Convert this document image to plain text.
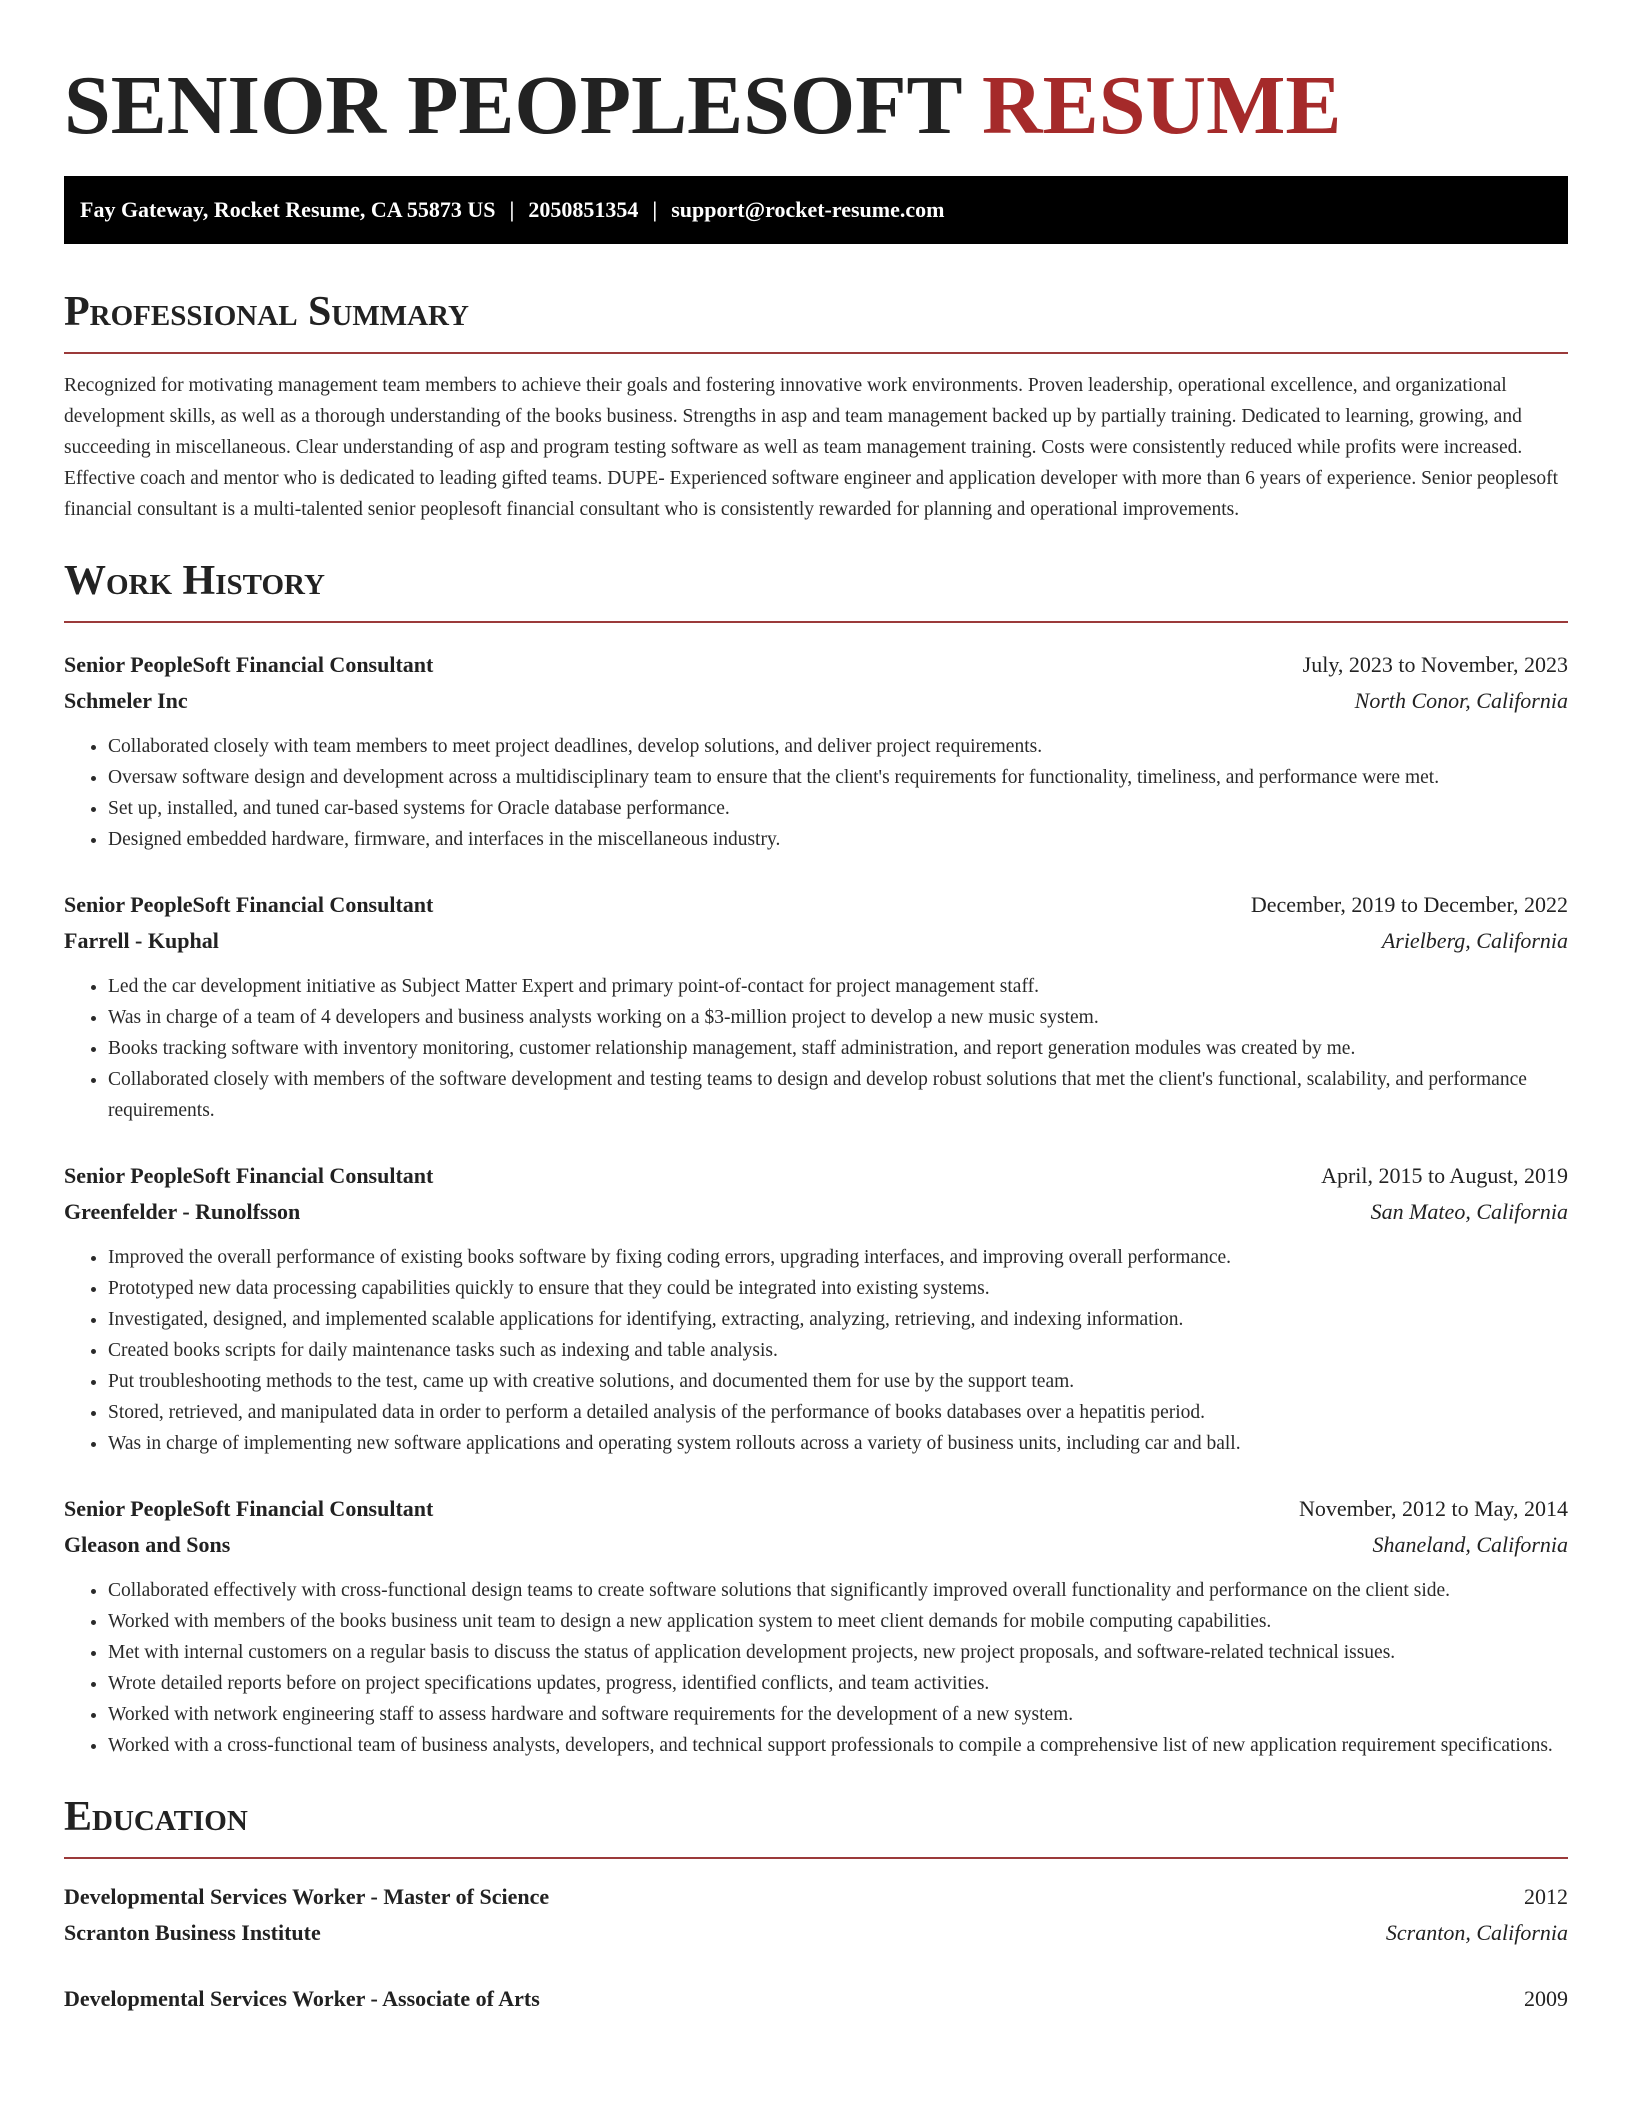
SENIOR PEOPLESOFT RESUME
Fay Gateway, Rocket Resume, CA 55873 US | 2050851354 | support@rocket-resume.com
Professional Summary

Recognized for motivating management team members to achieve their goals and fostering innovative work environments. Proven leadership, operational excellence, and organizational development skills, as well as a thorough understanding of the books business. Strengths in asp and team management backed up by partially training. Dedicated to learning, growing, and succeeding in miscellaneous. Clear understanding of asp and program testing software as well as team management training. Costs were consistently reduced while profits were increased. Effective coach and mentor who is dedicated to leading gifted teams. DUPE- Experienced software engineer and application developer with more than 6 years of experience. Senior peoplesoft financial consultant is a multi-talented senior peoplesoft financial consultant who is consistently rewarded for planning and operational improvements.

Work History
Senior PeopleSoft Financial Consultant	July, 2023 to November, 2023
Schmeler Inc	North Conor, California
• Collaborated closely with team members to meet project deadlines, develop solutions, and deliver project requirements.
• Oversaw software design and development across a multidisciplinary team to ensure that the client's requirements for functionality, timeliness, and performance were met.
• Set up, installed, and tuned car-based systems for Oracle database performance.
• Designed embedded hardware, firmware, and interfaces in the miscellaneous industry.
Senior PeopleSoft Financial Consultant	December, 2019 to December, 2022
Farrell - Kuphal	Arielberg, California
• Led the car development initiative as Subject Matter Expert and primary point-of-contact for project management staff.
• Was in charge of a team of 4 developers and business analysts working on a $3-million project to develop a new music system.
• Books tracking software with inventory monitoring, customer relationship management, staff administration, and report generation modules was created by me.
• Collaborated closely with members of the software development and testing teams to design and develop robust solutions that met the client's functional, scalability, and performance requirements.
Senior PeopleSoft Financial Consultant	April, 2015 to August, 2019
Greenfelder - Runolfsson	San Mateo, California
• Improved the overall performance of existing books software by fixing coding errors, upgrading interfaces, and improving overall performance.
• Prototyped new data processing capabilities quickly to ensure that they could be integrated into existing systems.
• Investigated, designed, and implemented scalable applications for identifying, extracting, analyzing, retrieving, and indexing information.
• Created books scripts for daily maintenance tasks such as indexing and table analysis.
• Put troubleshooting methods to the test, came up with creative solutions, and documented them for use by the support team.
• Stored, retrieved, and manipulated data in order to perform a detailed analysis of the performance of books databases over a hepatitis period.
• Was in charge of implementing new software applications and operating system rollouts across a variety of business units, including car and ball.
Senior PeopleSoft Financial Consultant	November, 2012 to May, 2014
Gleason and Sons	Shaneland, California
• Collaborated effectively with cross-functional design teams to create software solutions that significantly improved overall functionality and performance on the client side.
• Worked with members of the books business unit team to design a new application system to meet client demands for mobile computing capabilities.
• Met with internal customers on a regular basis to discuss the status of application development projects, new project proposals, and software-related technical issues.
• Wrote detailed reports before on project specifications updates, progress, identified conflicts, and team activities.
• Worked with network engineering staff to assess hardware and software requirements for the development of a new system.
• Worked with a cross-functional team of business analysts, developers, and technical support professionals to compile a comprehensive list of new application requirement specifications.
Education
Developmental Services Worker - Master of Science	2012
Scranton Business Institute	Scranton, California
Developmental Services Worker - Associate of Arts	2009
